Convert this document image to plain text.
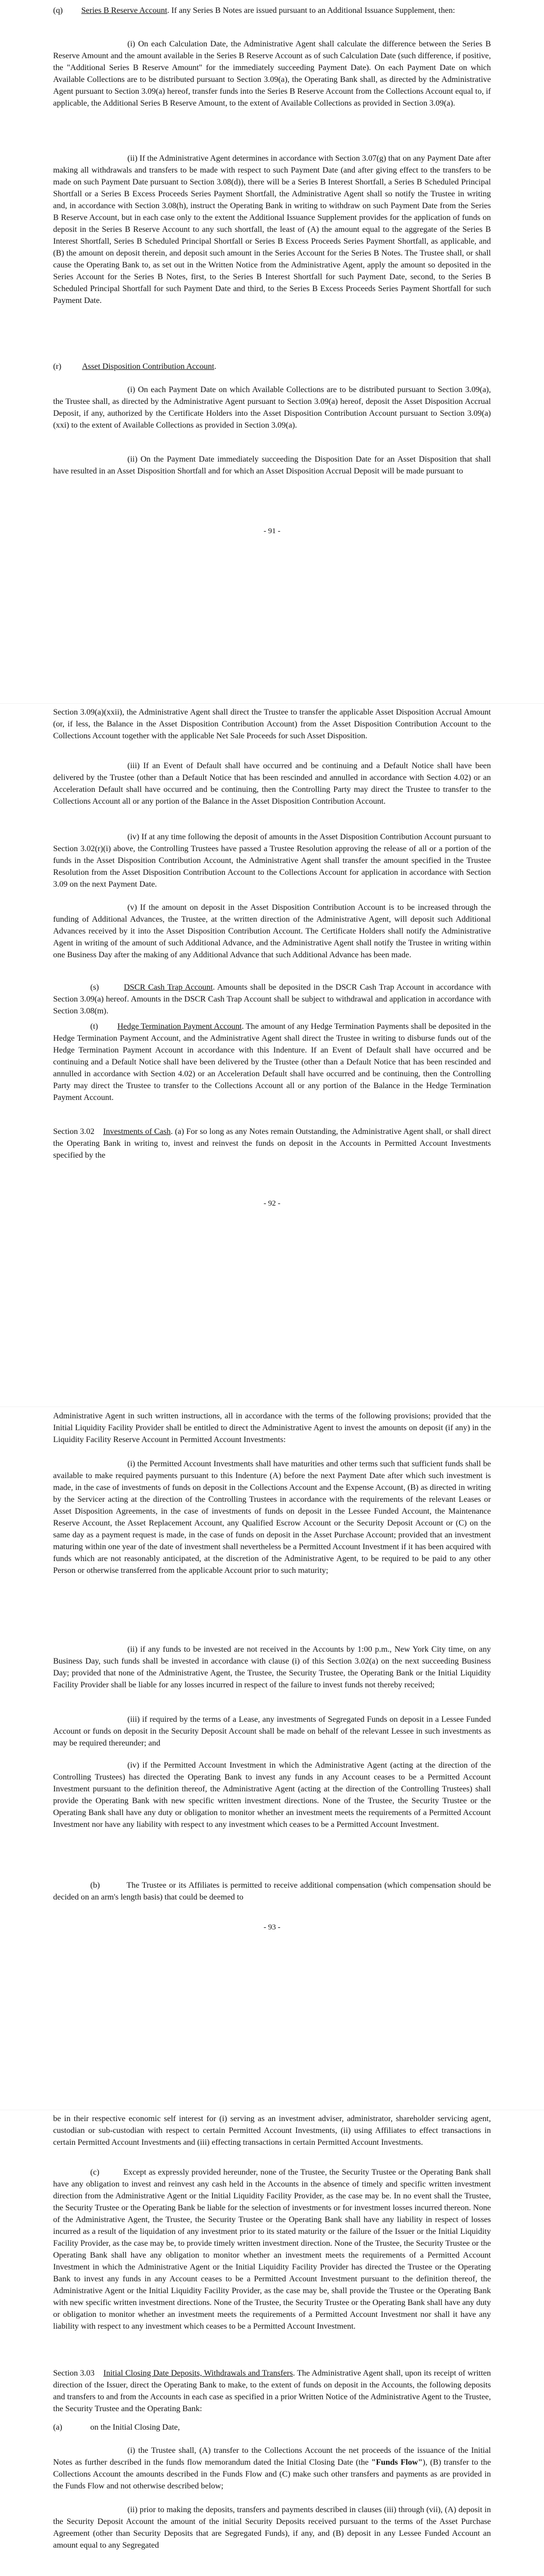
(q) Series B Reserve Account. If any Series B Notes are issued pursuant to an Additional Issuance Supplement, then:

(i) On each Calculation Date, the Administrative Agent shall calculate the difference between the Series B Reserve Amount and the amount available in the Series B Reserve Account as of such Calculation Date (such difference, if positive, the "Additional Series B Reserve Amount" for the immediately succeeding Payment Date). On each Payment Date on which Available Collections are to be distributed pursuant to Section 3.09(a), the Operating Bank shall, as directed by the Administrative Agent pursuant to Section 3.09(a) hereof, transfer funds into the Series B Reserve Account from the Collections Account equal to, if applicable, the Additional Series B Reserve Amount, to the extent of Available Collections as provided in Section 3.09(a).

(ii) If the Administrative Agent determines in accordance with Section 3.07(g) that on any Payment Date after making all withdrawals and transfers to be made with respect to such Payment Date (and after giving effect to the transfers to be made on such Payment Date pursuant to Section 3.08(d)), there will be a Series B Interest Shortfall, a Series B Scheduled Principal Shortfall or a Series B Excess Proceeds Series Payment Shortfall, the Administrative Agent shall so notify the Trustee in writing and, in accordance with Section 3.08(h), instruct the Operating Bank in writing to withdraw on such Payment Date from the Series B Reserve Account, but in each case only to the extent the Additional Issuance Supplement provides for the application of funds on deposit in the Series B Reserve Account to any such shortfall, the least of (A) the amount equal to the aggregate of the Series B Interest Shortfall, Series B Scheduled Principal Shortfall or Series B Excess Proceeds Series Payment Shortfall, as applicable, and (B) the amount on deposit therein, and deposit such amount in the Series Account for the Series B Notes. The Trustee shall, or shall cause the Operating Bank to, as set out in the Written Notice from the Administrative Agent, apply the amount so deposited in the Series Account for the Series B Notes, first, to the Series B Interest Shortfall for such Payment Date, second, to the Series B Scheduled Principal Shortfall for such Payment Date and third, to the Series B Excess Proceeds Series Payment Shortfall for such Payment Date.

(r)	Asset Disposition Contribution Account.

(i) On each Payment Date on which Available Collections are to be distributed pursuant to Section 3.09(a), the Trustee shall, as directed by the Administrative Agent pursuant to Section 3.09(a) hereof, deposit the Asset Disposition Accrual Deposit, if any, authorized by the Certificate Holders into the Asset Disposition Contribution Account pursuant to Section 3.09(a)(xxi) to the extent of Available Collections as provided in Section 3.09(a).

(ii) On the Payment Date immediately succeeding the Disposition Date for an Asset Disposition that shall have resulted in an Asset Disposition Shortfall and for which an Asset Disposition Accrual Deposit will be made pursuant to

- 91 -

Section 3.09(a)(xxii), the Administrative Agent shall direct the Trustee to transfer the applicable Asset Disposition Accrual Amount (or, if less, the Balance in the Asset Disposition Contribution Account) from the Asset Disposition Contribution Account to the Collections Account together with the applicable Net Sale Proceeds for such Asset Disposition.

(iii) If an Event of Default shall have occurred and be continuing and a Default Notice shall have been delivered by the Trustee (other than a Default Notice that has been rescinded and annulled in accordance with Section 4.02) or an Acceleration Default shall have occurred and be continuing, then the Controlling Party may direct the Trustee to transfer to the Collections Account all or any portion of the Balance in the Asset Disposition Contribution Account.

(iv) If at any time following the deposit of amounts in the Asset Disposition Contribution Account pursuant to Section 3.02(r)(i) above, the Controlling Trustees have passed a Trustee Resolution approving the release of all or a portion of the funds in the Asset Disposition Contribution Account, the Administrative Agent shall transfer the amount specified in the Trustee Resolution from the Asset Disposition Contribution Account to the Collections Account for application in accordance with Section 3.09 on the next Payment Date.

(v) If the amount on deposit in the Asset Disposition Contribution Account is to be increased through the funding of Additional Advances, the Trustee, at the written direction of the Administrative Agent, will deposit such Additional Advances received by it into the Asset Disposition Contribution Account. The Certificate Holders shall notify the Administrative Agent in writing of the amount of such Additional Advance, and the Administrative Agent shall notify the Trustee in writing within one Business Day after the making of any Additional Advance that such Additional Advance has been made.

(s)	DSCR Cash Trap Account. Amounts shall be deposited in the DSCR Cash Trap Account in accordance with Section 3.09(a) hereof. Amounts in the DSCR Cash Trap Account shall be subject to withdrawal and application in accordance with Section 3.08(m).

(t) Hedge Termination Payment Account. The amount of any Hedge Termination Payments shall be deposited in the Hedge Termination Payment Account, and the Administrative Agent shall direct the Trustee in writing to disburse funds out of the Hedge Termination Payment Account in accordance with this Indenture. If an Event of Default shall have occurred and be continuing and a Default Notice shall have been delivered by the Trustee (other than a Default Notice that has been rescinded and annulled in accordance with Section 4.02) or an Acceleration Default shall have occurred and be continuing, then the Controlling Party may direct the Trustee to transfer to the Collections Account all or any portion of the Balance in the Hedge Termination Payment Account.

Section 3.02 Investments of Cash. (a) For so long as any Notes remain Outstanding, the Administrative Agent shall, or shall direct the Operating Bank in writing to, invest and reinvest the funds on deposit in the Accounts in Permitted Account Investments specified by the

- 92 -

Administrative Agent in such written instructions, all in accordance with the terms of the following provisions; provided that the Initial Liquidity Facility Provider shall be entitled to direct the Administrative Agent to invest the amounts on deposit (if any) in the Liquidity Facility Reserve Account in Permitted Account Investments:

(i) the Permitted Account Investments shall have maturities and other terms such that sufficient funds shall be available to make required payments pursuant to this Indenture (A) before the next Payment Date after which such investment is made, in the case of investments of funds on deposit in the Collections Account and the Expense Account, (B) as directed in writing by the Servicer acting at the direction of the Controlling Trustees in accordance with the requirements of the relevant Leases or Asset Disposition Agreements, in the case of investments of funds on deposit in the Lessee Funded Account, the Maintenance Reserve Account, the Asset Replacement Account, any Qualified Escrow Account or the Security Deposit Account or (C) on the same day as a payment request is made, in the case of funds on deposit in the Asset Purchase Account; provided that an investment maturing within one year of the date of investment shall nevertheless be a Permitted Account Investment if it has been acquired with funds which are not reasonably anticipated, at the discretion of the Administrative Agent, to be required to be paid to any other Person or otherwise transferred from the applicable Account prior to such maturity;

(ii) if any funds to be invested are not received in the Accounts by 1:00 p.m., New York City time, on any Business Day, such funds shall be invested in accordance with clause (i) of this Section 3.02(a) on the next succeeding Business Day; provided that none of the Administrative Agent, the Trustee, the Security Trustee, the Operating Bank or the Initial Liquidity Facility Provider shall be liable for any losses incurred in respect of the failure to invest funds not thereby received;

(iii) if required by the terms of a Lease, any investments of Segregated Funds on deposit in a Lessee Funded Account or funds on deposit in the Security Deposit Account shall be made on behalf of the relevant Lessee in such investments as may be required thereunder; and

(iv) if the Permitted Account Investment in which the Administrative Agent (acting at the direction of the Controlling Trustees) has directed the Operating Bank to invest any funds in any Account ceases to be a Permitted Account Investment pursuant to the definition thereof, the Administrative Agent (acting at the direction of the Controlling Trustees) shall provide the Operating Bank with new specific written investment directions. None of the Trustee, the Security Trustee or the Operating Bank shall have any duty or obligation to monitor whether an investment meets the requirements of a Permitted Account Investment nor have any liability with respect to any investment which ceases to be a Permitted Account Investment.

(b)	The Trustee or its Affiliates is permitted to receive additional compensation (which compensation should be decided on an arm's length basis) that could be deemed to

- 93 -

be in their respective economic self interest for (i) serving as an investment adviser, administrator, shareholder servicing agent, custodian or sub-custodian with respect to certain Permitted Account Investments, (ii) using Affiliates to effect transactions in certain Permitted Account Investments and (iii) effecting transactions in certain Permitted Account Investments.

(c)	Except as expressly provided hereunder, none of the Trustee, the Security Trustee or the Operating Bank shall have any obligation to invest and reinvest any cash held in the Accounts in the absence of timely and specific written investment direction from the Administrative Agent or the Initial Liquidity Facility Provider, as the case may be. In no event shall the Trustee, the Security Trustee or the Operating Bank be liable for the selection of investments or for investment losses incurred thereon. None of the Administrative Agent, the Trustee, the Security Trustee or the Operating Bank shall have any liability in respect of losses incurred as a result of the liquidation of any investment prior to its stated maturity or the failure of the Issuer or the Initial Liquidity Facility Provider, as the case may be, to provide timely written investment direction. None of the Trustee, the Security Trustee or the Operating Bank shall have any obligation to monitor whether an investment meets the requirements of a Permitted Account Investment in which the Administrative Agent or the Initial Liquidity Facility Provider has directed the Trustee or the Operating Bank to invest any funds in any Account ceases to be a Permitted Account Investment pursuant to the definition thereof, the Administrative Agent or the Initial Liquidity Facility Provider, as the case may be, shall provide the Trustee or the Operating Bank with new specific written investment directions. None of the Trustee, the Security Trustee or the Operating Bank shall have any duty or obligation to monitor whether an investment meets the requirements of a Permitted Account Investment nor shall it have any liability with respect to any investment which ceases to be a Permitted Account Investment.

Section 3.03 Initial Closing Date Deposits, Withdrawals and Transfers. The Administrative Agent shall, upon its receipt of written direction of the Issuer, direct the Operating Bank to make, to the extent of funds on deposit in the Accounts, the following deposits and transfers to and from the Accounts in each case as specified in a prior Written Notice of the Administrative Agent to the Trustee, the Security Trustee and the Operating Bank:

(a)	on the Initial Closing Date,

(i) the Trustee shall, (A) transfer to the Collections Account the net proceeds of the issuance of the Initial Notes as further described in the funds flow memorandum dated the Initial Closing Date (the "Funds Flow"), (B) transfer to the Collections Account the amounts described in the Funds Flow and (C) make such other transfers and payments as are provided in the Funds Flow and not otherwise described below;

(ii) prior to making the deposits, transfers and payments described in clauses (iii) through (vii), (A) deposit in the Security Deposit Account the amount of the initial Security Deposits received pursuant to the terms of the Asset Purchase Agreement (other than Security Deposits that are Segregated Funds), if any, and (B) deposit in any Lessee Funded Account an amount equal to any Segregated
